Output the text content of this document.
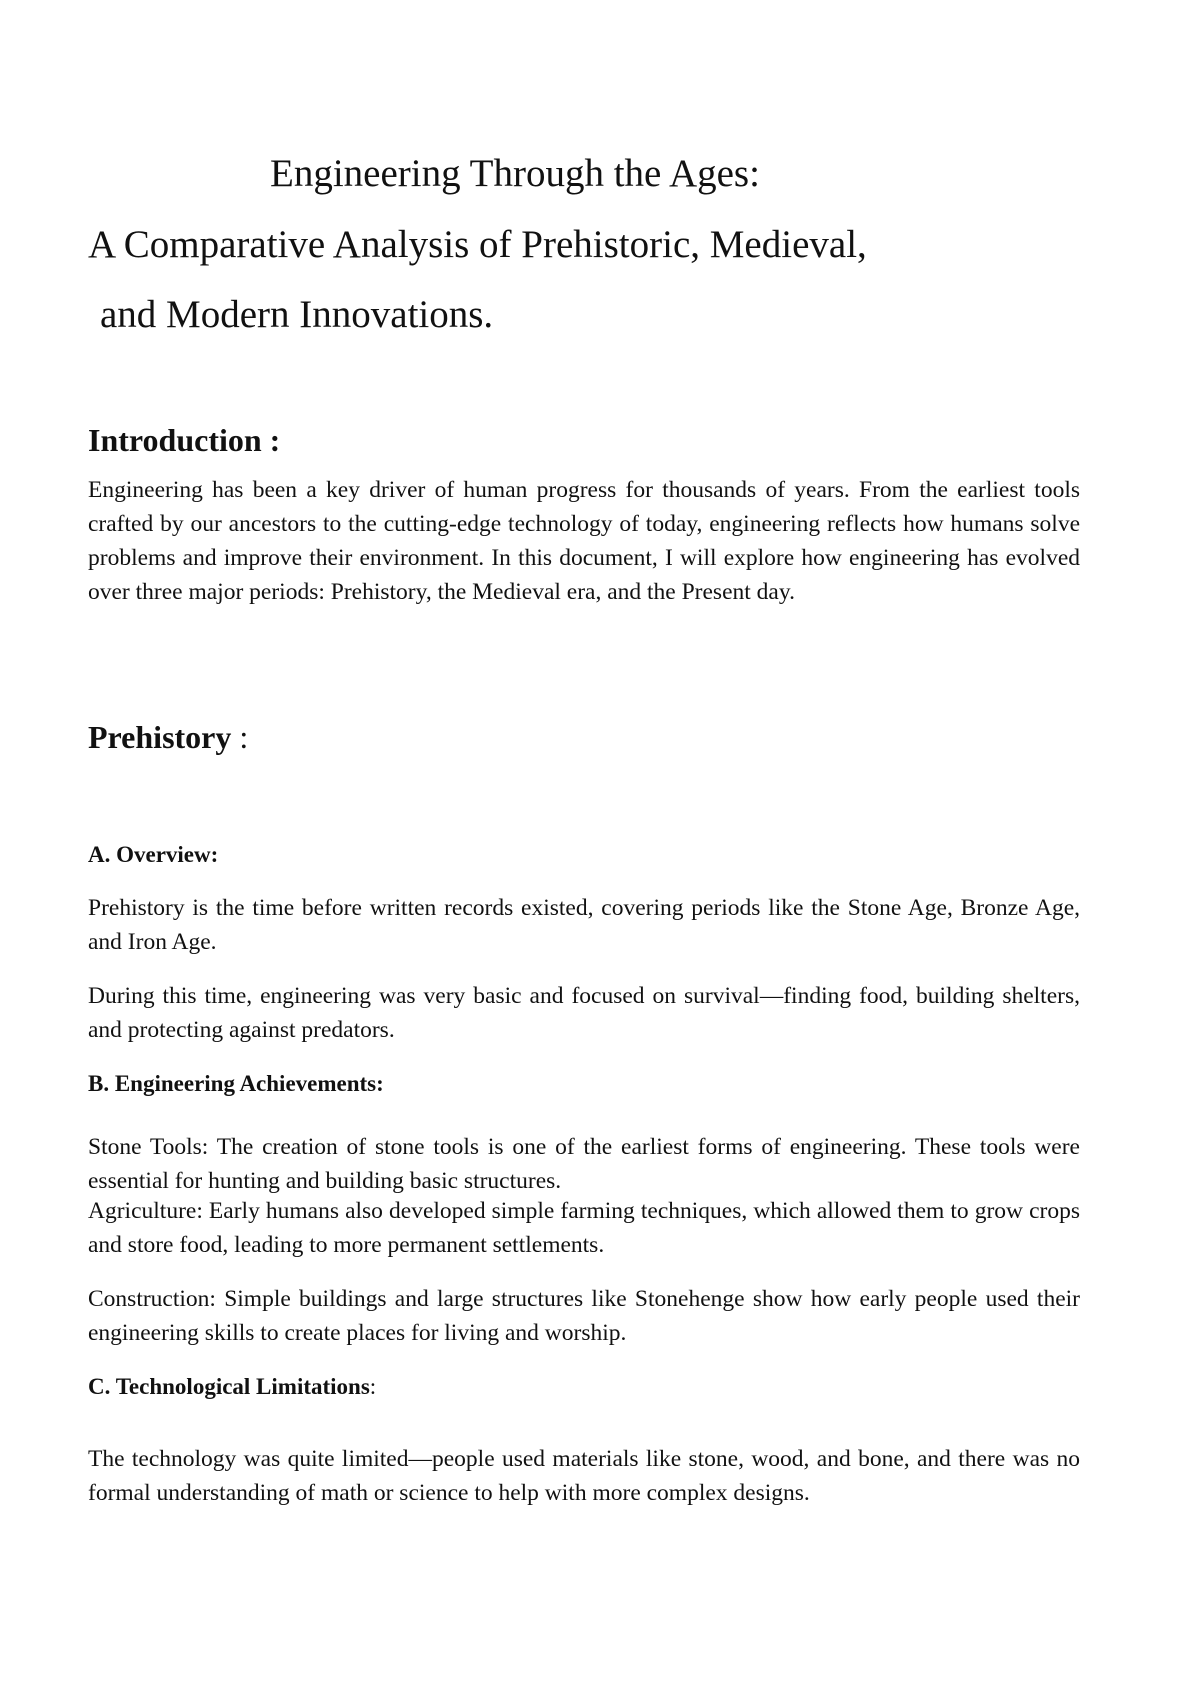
Engineering Through the Ages:
A Comparative Analysis of Prehistoric, Medieval,
and Modern Innovations.
Introduction :

Engineering has been a key driver of human progress for thousands of years. From the earliest tools crafted by our ancestors to the cutting-edge technology of today, engineering reflects how humans solve problems and improve their environment. In this document, I will explore how engineering has evolved over three major periods: Prehistory, the Medieval era, and the Present day.

Prehistory :
A. Overview:

Prehistory is the time before written records existed, covering periods like the Stone Age, Bronze Age, and Iron Age.

During this time, engineering was very basic and focused on survival—finding food, building shelters, and protecting against predators.

B. Engineering Achievements:

Stone Tools: The creation of stone tools is one of the earliest forms of engineering. These tools were essential for hunting and building basic structures.

Agriculture: Early humans also developed simple farming techniques, which allowed them to grow crops and store food, leading to more permanent settlements.

Construction: Simple buildings and large structures like Stonehenge show how early people used their engineering skills to create places for living and worship.

C. Technological Limitations:

The technology was quite limited—people used materials like stone, wood, and bone, and there was no formal understanding of math or science to help with more complex designs.
